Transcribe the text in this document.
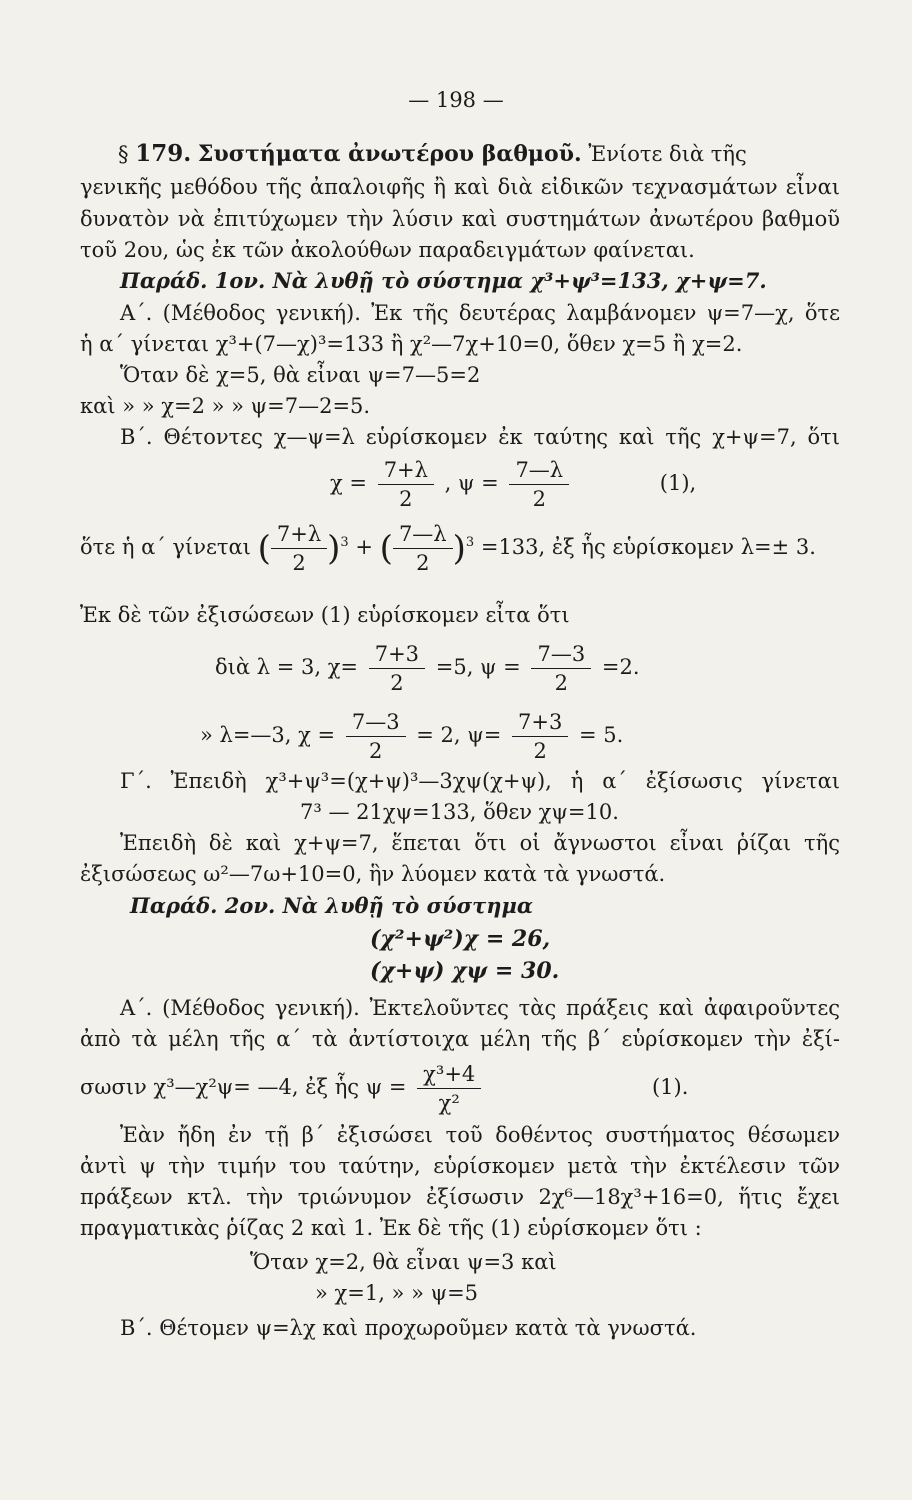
— 198 —
§ 179. Συστήματα ἀνωτέρου βαθμοῦ. Ἐνίοτε διὰ τῆς
γενικῆς μεθόδου τῆς ἀπαλοιφῆς ἢ καὶ διὰ εἰδικῶν τεχνασμάτων εἶναι
δυνατὸν νὰ ἐπιτύχωμεν τὴν λύσιν καὶ συστημάτων ἀνωτέρου βαθμοῦ
τοῦ 2ου, ὡς ἐκ τῶν ἀκολούθων παραδειγμάτων φαίνεται.
Παράδ. 1ον. Νὰ λυθῇ τὸ σύστημα χ³+ψ³=133, χ+ψ=7.
Α΄. (Μέθοδος γενική). Ἐκ τῆς δευτέρας λαμβάνομεν ψ=7—χ, ὅτε
ἡ α΄ γίνεται χ³+(7—χ)³=133 ἢ χ²—7χ+10=0, ὅθεν χ=5 ἢ χ=2.
Ὅταν δὲ χ=5, θὰ εἶναι ψ=7—5=2
καὶ » » χ=2 » » ψ=7—2=5.
Β΄. Θέτοντες χ—ψ=λ εὑρίσκομεν ἐκ ταύτης καὶ τῆς χ+ψ=7, ὅτι
$\chi = \frac{7+\lambda}{2}$ , $\psi = \frac{7—\lambda}{2}$	(1),
ὅτε ἡ α΄ γίνεται ( $\frac{7+\lambda}{2} )^3$ + ( $\frac{7—\lambda}{2} )^3 =133$, ἐξ ἧς εὑρίσκομεν λ=± 3.
Ἐκ δὲ τῶν ἐξισώσεων (1) εὑρίσκομεν εἶτα ὅτι
διὰ λ = 3, $\chi= \frac{7+3}{2} =5$, $\psi = \frac{7—3}{2} =2$.
» λ=—3, $\chi = \frac{7—3}{2} = 2$, $\psi= \frac{7+3}{2} = 5$.
Γ΄. Ἐπειδὴ χ³+ψ³=(χ+ψ)³—3χψ(χ+ψ), ἡ α΄ ἐξίσωσις γίνεται
7³ — 21χψ=133, ὅθεν χψ=10.
Ἐπειδὴ δὲ καὶ χ+ψ=7, ἕπεται ὅτι οἱ ἄγνωστοι εἶναι ῥίζαι τῆς
ἐξισώσεως ω²—7ω+10=0, ἣν λύομεν κατὰ τὰ γνωστά.
Παράδ. 2ον. Νὰ λυθῇ τὸ σύστημα
(χ²+ψ²)χ = 26,
(χ+ψ) χψ = 30.
Α΄. (Μέθοδος γενική). Ἐκτελοῦντες τὰς πράξεις καὶ ἀφαιροῦντες
ἀπὸ τὰ μέλη τῆς α΄ τὰ ἀντίστοιχα μέλη τῆς β΄ εὑρίσκομεν τὴν ἐξί-
σωσιν χ³—χ²ψ= —4, ἐξ ἧς $\psi = \frac{\text{χ³+4}}{\text{χ²}}$	(1).
Ἐὰν ἤδη ἐν τῇ β΄ ἐξισώσει τοῦ δοθέντος συστήματος θέσωμεν
ἀντὶ ψ τὴν τιμήν του ταύτην, εὑρίσκομεν μετὰ τὴν ἐκτέλεσιν τῶν
πράξεων κτλ. τὴν τριώνυμον ἐξίσωσιν 2χ⁶—18χ³+16=0, ἥτις ἔχει
πραγματικὰς ῥίζας 2 καὶ 1. Ἐκ δὲ τῆς (1) εὑρίσκομεν ὅτι :
Ὅταν χ=2, θὰ εἶναι ψ=3 καὶ
» χ=1, » » ψ=5
Β΄. Θέτομεν ψ=λχ καὶ προχωροῦμεν κατὰ τὰ γνωστά.
